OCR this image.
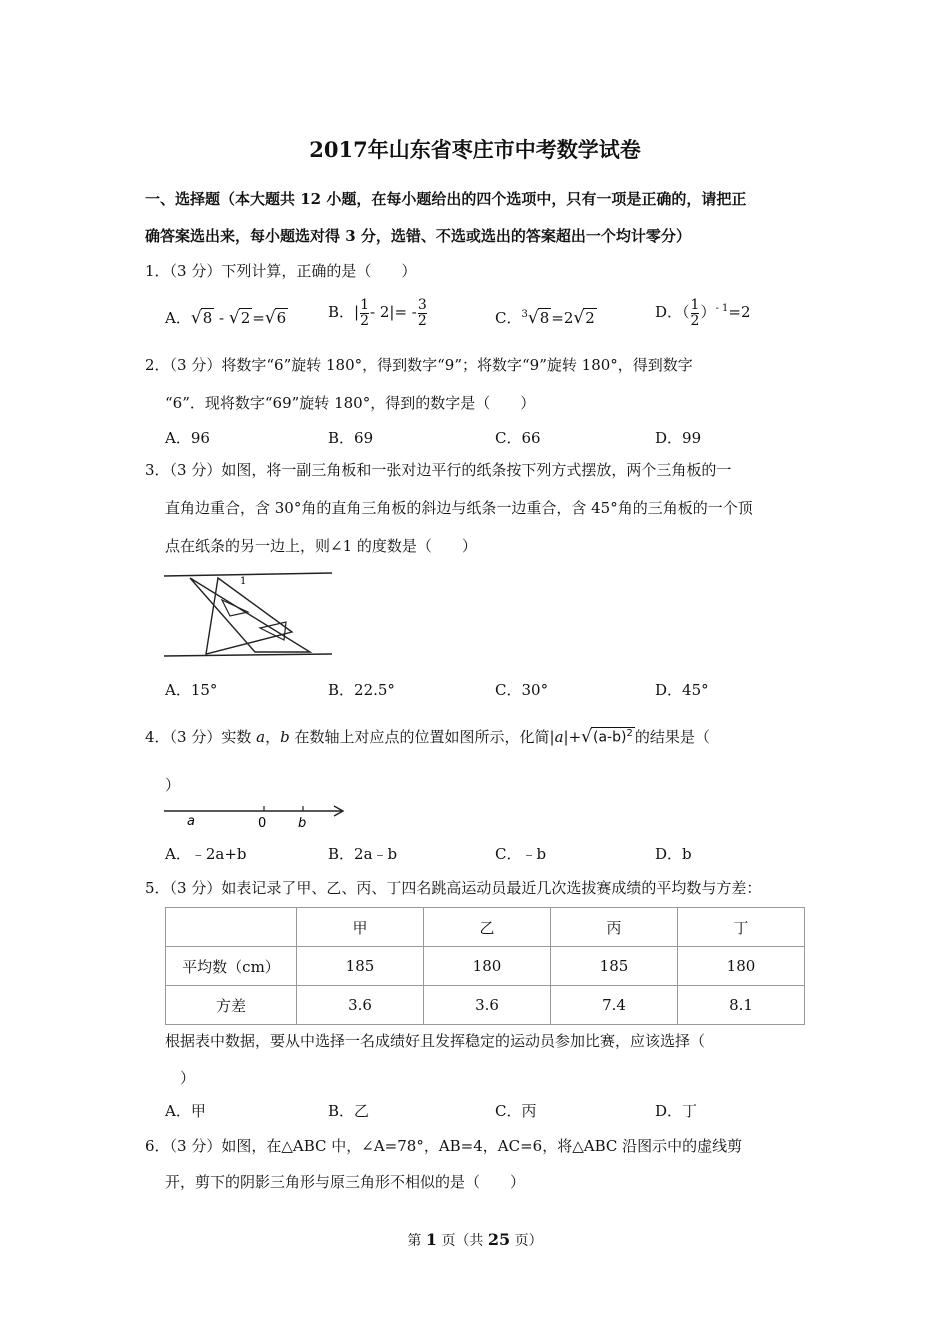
2017年山东省枣庄市中考数学试卷
一、选择题（本大题共 12 小题，在每小题给出的四个选项中，只有一项是正确的，请把正
确答案选出来，每小题选对得 3 分，选错、不选或选出的答案超出一个均计零分）
1．（3 分）下列计算，正确的是（　　）
A．√8 - √2 =√6	B．| $\frac{1}{2} - 2|= - \frac{3}{2}$	C．$^3$√8 =2√2	D．（ $\frac{1}{2} )^{- 1}=2$
2．（3 分）将数字“6”旋转 180°，得到数字“9”；将数字“9”旋转 180°，得到数字
“6”．现将数字“69”旋转 180°，得到的数字是（　　）
A．96	B．69	C．66	D．99
3．（3 分）如图，将一副三角板和一张对边平行的纸条按下列方式摆放，两个三角板的一
直角边重合，含 30°角的直角三角板的斜边与纸条一边重合，含 45°角的三角板的一个顶
点在纸条的另一边上，则∠1 的度数是（　　）
1
A．15°	B．22.5°	C．30°	D．45°
4．（3 分）实数 a，b 在数轴上对应点的位置如图所示，化简$|a|+√(a-b)^2$ 的结果是（
）
a	0 b
A．﹣2a+b	B．2a﹣b	C．﹣b	D．b
5．（3 分）如表记录了甲、乙、丙、丁四名跳高运动员最近几次选拔赛成绩的平均数与方差：
	甲	乙	丙	丁
平均数（cm）	185	180	185	180
方差	3.6	3.6	7.4	8.1
根据表中数据，要从中选择一名成绩好且发挥稳定的运动员参加比赛，应该选择（
）
A．甲	B．乙	C．丙	D．丁
6．（3 分）如图，在△ABC 中，∠A=78°，AB=4，AC=6，将△ABC 沿图示中的虚线剪
开，剪下的阴影三角形与原三角形不相似的是（　　）
第 1 页（共 25 页）
